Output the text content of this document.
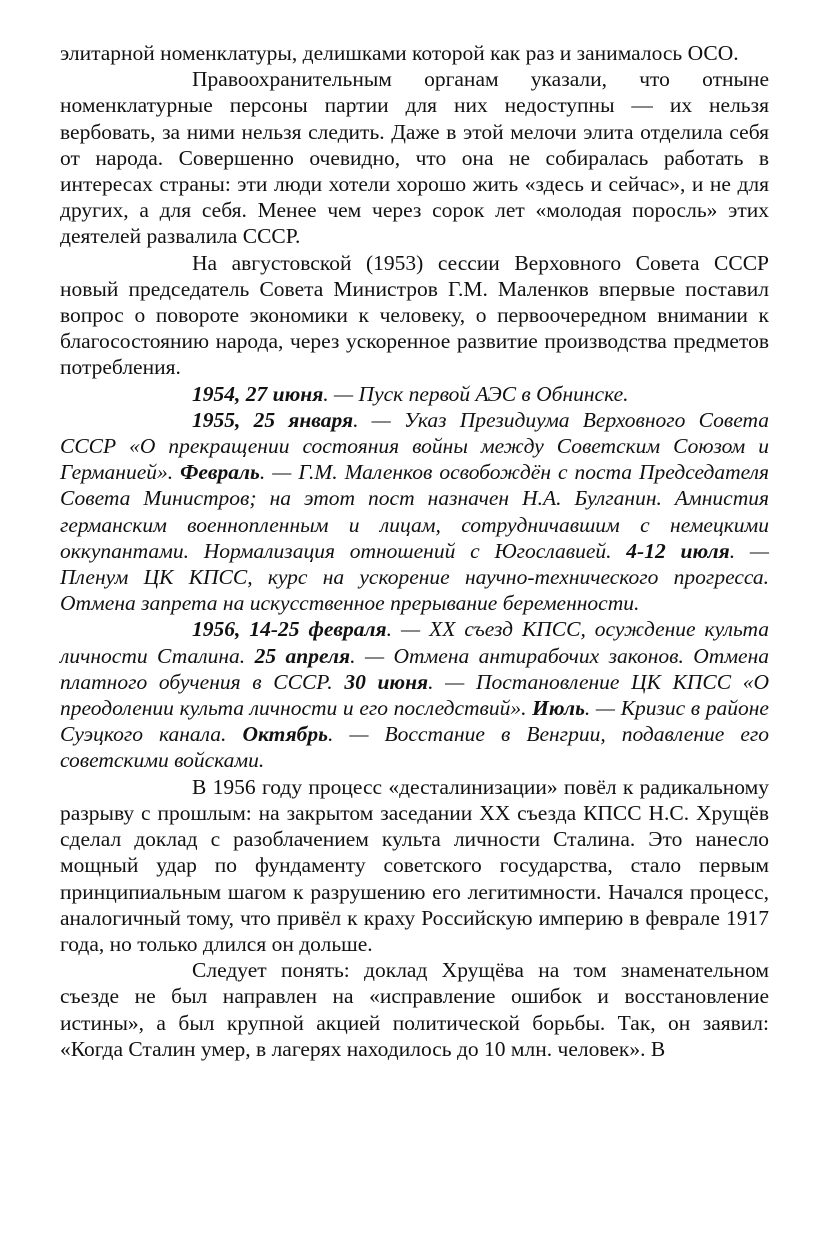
элитарной номенклатуры, делишками которой как раз и занималось ОСО.

Правоохранительным органам указали, что отныне номенклатурные персоны партии для них недоступны — их нельзя вербовать, за ними нельзя следить. Даже в этой мелочи элита отделила себя от народа. Совершенно очевидно, что она не собиралась работать в интересах страны: эти люди хотели хорошо жить «здесь и сейчас», и не для других, а для себя. Менее чем через сорок лет «молодая поросль» этих деятелей развалила СССР.

На августовской (1953) сессии Верховного Совета СССР новый председатель Совета Министров Г.М. Маленков впервые поставил вопрос о повороте экономики к человеку, о первоочередном внимании к благосостоянию народа, через ускоренное развитие производства предметов потребления.

1954, 27 июня. — Пуск первой АЭС в Обнинске.

1955, 25 января. — Указ Президиума Верховного Совета СССР «О прекращении состояния войны между Советским Союзом и Германией». Февраль. — Г.М. Маленков освобождён с поста Председателя Совета Министров; на этот пост назначен Н.А. Булганин. Амнистия германским военнопленным и лицам, сотрудничавшим с немецкими оккупантами. Нормализация отношений с Югославией. 4-12 июля. — Пленум ЦК КПСС, курс на ускорение научно-технического прогресса. Отмена запрета на искусственное прерывание беременности.

1956, 14-25 февраля. — XX съезд КПСС, осуждение культа личности Сталина. 25 апреля. — Отмена антирабочих законов. Отмена платного обучения в СССР. 30 июня. — Постановление ЦК КПСС «О преодолении культа личности и его последствий». Июль. — Кризис в районе Суэцкого канала. Октябрь. — Восстание в Венгрии, подавление его советскими войсками.

В 1956 году процесс «десталинизации» повёл к радикальному разрыву с прошлым: на закрытом заседании XX съезда КПСС Н.С. Хрущёв сделал доклад с разоблачением культа личности Сталина. Это нанесло мощный удар по фундаменту советского государства, стало первым принципиальным шагом к разрушению его легитимности. Начался процесс, аналогичный тому, что привёл к краху Российскую империю в феврале 1917 года, но только длился он дольше.

Следует понять: доклад Хрущёва на том знаменательном съезде не был направлен на «исправление ошибок и восстановление истины», а был крупной акцией политической борьбы. Так, он заявил: «Когда Сталин умер, в лагерях находилось до 10 млн. человек». В
